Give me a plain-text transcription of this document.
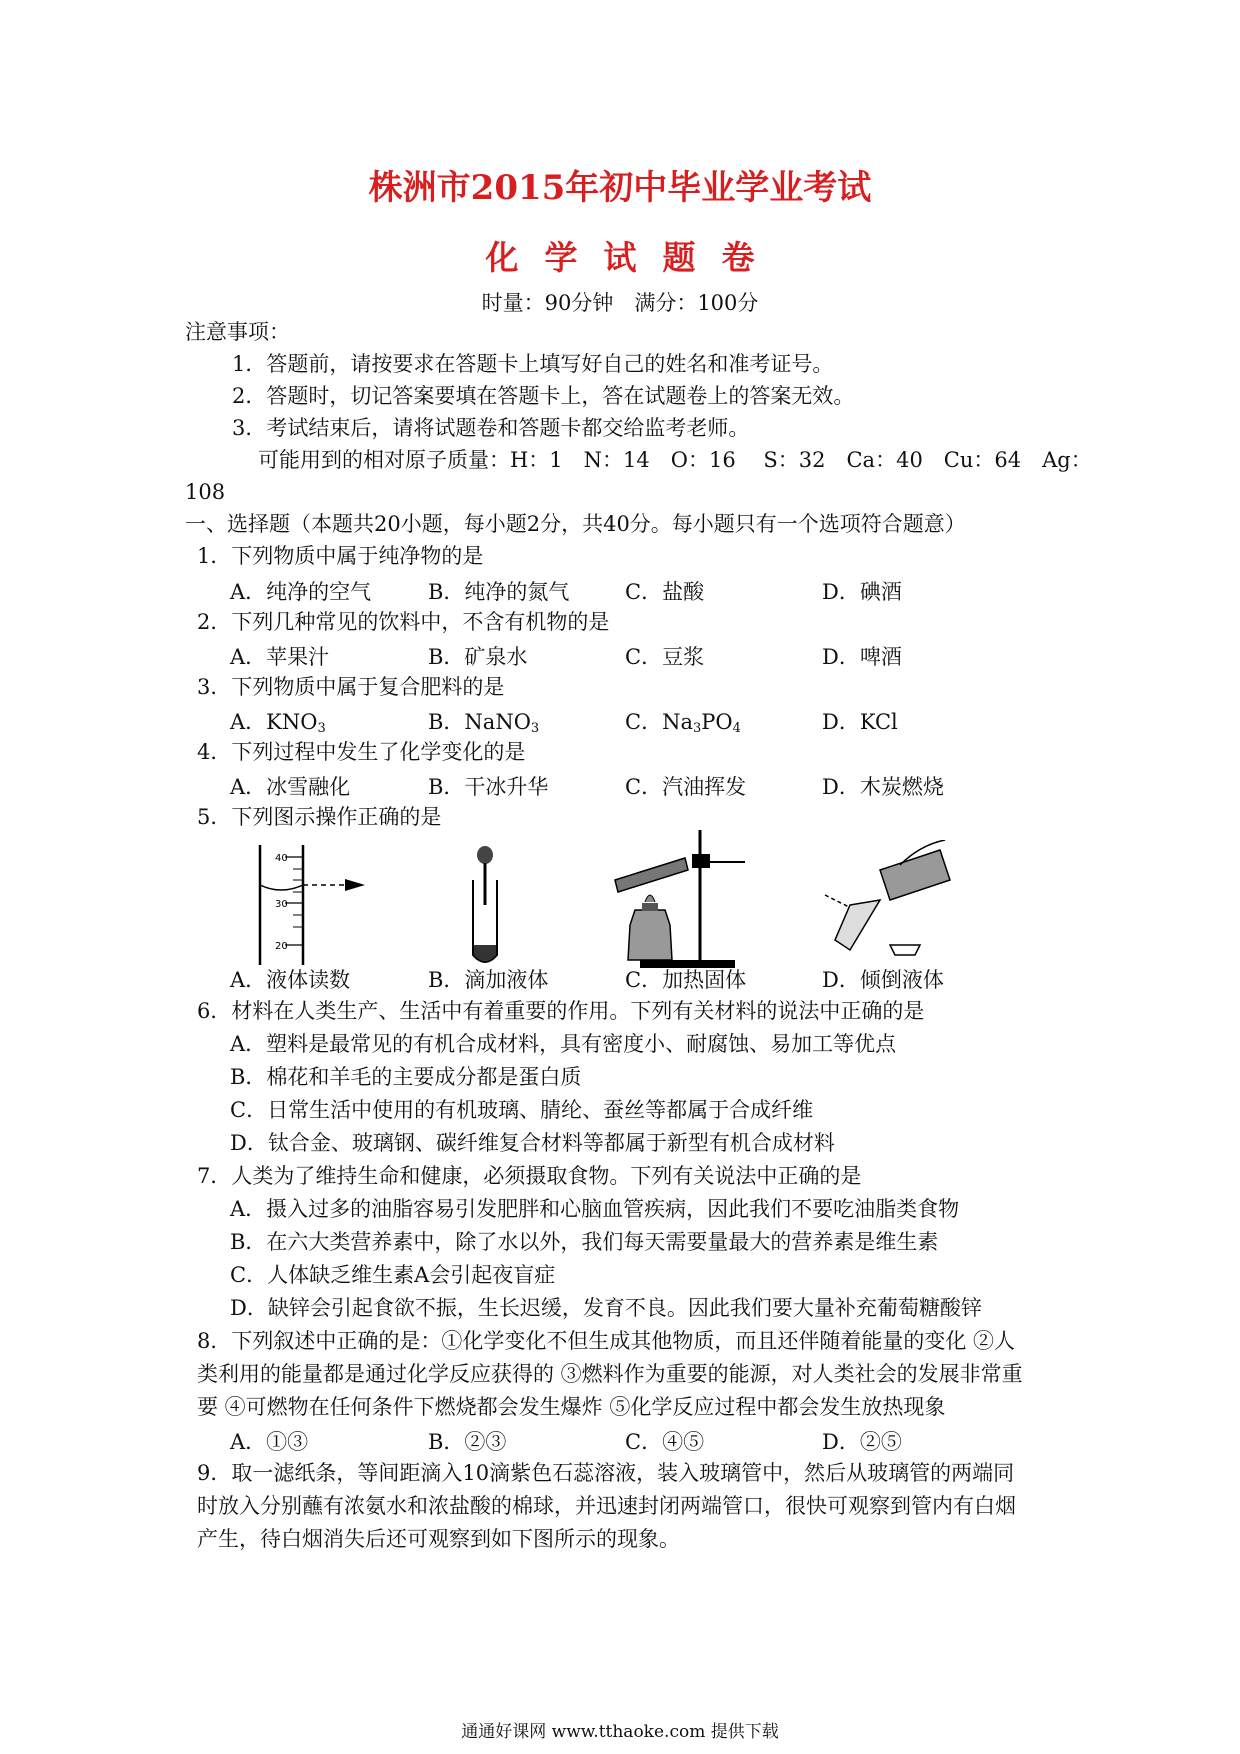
株洲市2015年初中毕业学业考试
化学试题卷
时量：90分钟　满分：100分
注意事项：
1．答题前，请按要求在答题卡上填写好自己的姓名和准考证号。
2．答题时，切记答案要填在答题卡上，答在试题卷上的答案无效。
3．考试结束后，请将试题卷和答题卡都交给监考老师。
可能用到的相对原子质量：H：1　N：14　O：16　 S：32　Ca：40　Cu：64　Ag：
108
一、选择题（本题共20小题，每小题2分，共40分。每小题只有一个选项符合题意）
1．下列物质中属于纯净物的是
A．纯净的空气	B．纯净的氮气	C．盐酸	D．碘酒
2．下列几种常见的饮料中，不含有机物的是
A．苹果汁	B．矿泉水	C．豆浆	D．啤酒
3．下列物质中属于复合肥料的是
A．$KNO_3$	B．NaNO$_3$	C．$Na_3PO_4$	D．KCl
4．下列过程中发生了化学变化的是
A．冰雪融化	B．干冰升华	C．汽油挥发	D．木炭燃烧
5．下列图示操作正确的是
40
30
20
A．液体读数	B．滴加液体	C．加热固体	D．倾倒液体
6．材料在人类生产、生活中有着重要的作用。下列有关材料的说法中正确的是
A．塑料是最常见的有机合成材料，具有密度小、耐腐蚀、易加工等优点
B．棉花和羊毛的主要成分都是蛋白质
C．日常生活中使用的有机玻璃、腈纶、蚕丝等都属于合成纤维
D．钛合金、玻璃钢、碳纤维复合材料等都属于新型有机合成材料
7．人类为了维持生命和健康，必须摄取食物。下列有关说法中正确的是
A．摄入过多的油脂容易引发肥胖和心脑血管疾病，因此我们不要吃油脂类食物
B．在六大类营养素中，除了水以外，我们每天需要量最大的营养素是维生素
C．人体缺乏维生素A会引起夜盲症
D．缺锌会引起食欲不振，生长迟缓，发育不良。因此我们要大量补充葡萄糖酸锌
8．下列叙述中正确的是：①化学变化不但生成其他物质，而且还伴随着能量的变化 ②人
类利用的能量都是通过化学反应获得的 ③燃料作为重要的能源，对人类社会的发展非常重
要 ④可燃物在任何条件下燃烧都会发生爆炸 ⑤化学反应过程中都会发生放热现象
A．①③	B．②③	C．④⑤	D．②⑤
9．取一滤纸条，等间距滴入10滴紫色石蕊溶液，装入玻璃管中，然后从玻璃管的两端同
时放入分别蘸有浓氨水和浓盐酸的棉球，并迅速封闭两端管口，很快可观察到管内有白烟
产生，待白烟消失后还可观察到如下图所示的现象。
通通好课网 www.tthaoke.com 提供下载
